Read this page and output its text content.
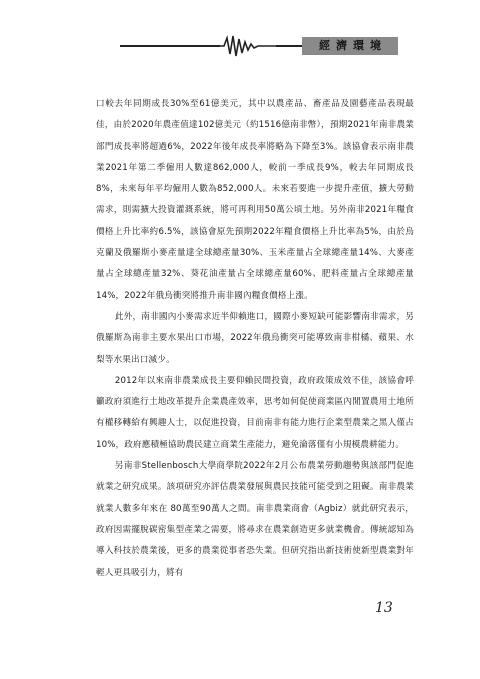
經濟環境

口較去年同期成長30%至61億美元，其中以農產品、畜產品及園藝產品表現最佳，由於2020年農產值達102億美元（約1516億南非幣），預期2021年南非農業部門成長率將超過6%，2022年後年成長率將略為下降至3%。該協會表示南非農業2021年第二季僱用人數達862,000人，較前一季成長9%，較去年同期成長8%，未來每年平均僱用人數為852,000人。未來若要進一步提升產值，擴大勞動需求，則需擴大投資灌溉系統，將可再利用50萬公頃土地。另外南非2021年糧食價格上升比率約6.5%，該協會原先預期2022年糧食價格上升比率為5%，由於烏克蘭及俄羅斯小麥產量達全球總產量30%、玉米產量占全球總產量14%、大麥產量占全球總產量32%、葵花油產量占全球總產量60%、肥料產量占全球總產量14%，2022年俄烏衝突將推升南非國內糧食價格上漲。

此外，南非國內小麥需求近半仰賴進口，國際小麥短缺可能影響南非需求，另俄羅斯為南非主要水果出口市場，2022年俄烏衝突可能導致南非柑橘、蘋果、水梨等水果出口減少。

2012年以來南非農業成長主要仰賴民間投資，政府政策成效不佳，該協會呼籲政府須進行土地改革提升企業農產效率，思考如何促使商業區內閒置農用土地所有權移轉給有興趣人士，以促進投資，目前南非有能力進行企業型農業之黑人僅占10%，政府應積極協助農民建立商業生產能力，避免淪落僅有小規模農耕能力。

另南非Stellenbosch大學商學院2022年2月公布農業勞動趨勢與該部門促進就業之研究成果。該項研究亦評估農業發展與農民技能可能受到之阻礙。南非農業就業人數多年來在 80萬至90萬人之間。南非農業商會（Agbiz）就此研究表示，政府因需擺脫碳密集型產業之需要，將尋求在農業創造更多就業機會。傳統認知為導入科技於農業後，更多的農業從事者恐失業。但研究指出新技術使新型農業對年輕人更具吸引力，將有

13
